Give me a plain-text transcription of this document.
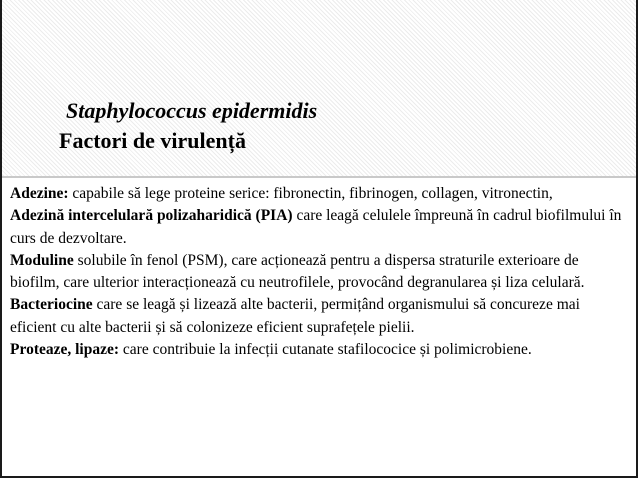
Staphylococcus epidermidis
Factori de virulență

Adezine: capabile să lege proteine serice: fibronectin, fibrinogen, collagen, vitronectin,

Adezină intercelulară polizaharidică (PIA) care leagă celulele împreună în cadrul biofilmului în curs de dezvoltare.

Moduline solubile în fenol (PSM), care acționează pentru a dispersa straturile exterioare de biofilm, care ulterior interacționează cu neutrofilele, provocând degranularea și liza celulară.

Bacteriocine care se leagă și lizează alte bacterii, permițând organismului să concureze mai eficient cu alte bacterii și să colonizeze eficient suprafețele pielii.

Proteaze, lipaze: care contribuie la infecții cutanate stafilococice și polimicrobiene.
